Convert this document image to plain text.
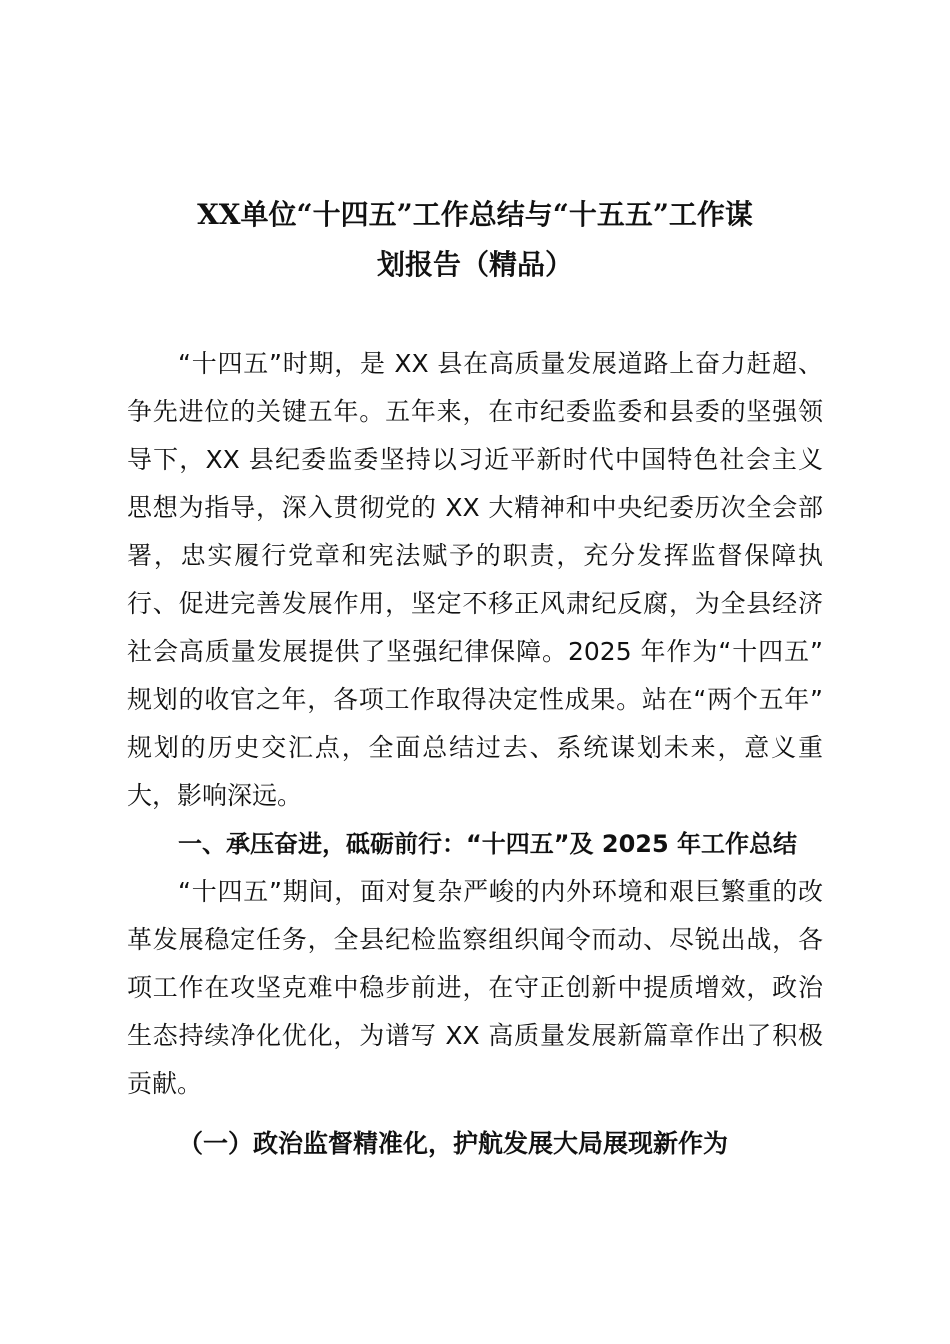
XX单位“十四五”工作总结与“十五五”工作谋
划报告（精品）

“十四五”时期，是 XX 县在高质量发展道路上奋力赶超、

争先进位的关键五年。五年来，在市纪委监委和县委的坚强领

导下，XX 县纪委监委坚持以习近平新时代中国特色社会主义

思想为指导，深入贯彻党的 XX 大精神和中央纪委历次全会部

署，忠实履行党章和宪法赋予的职责，充分发挥监督保障执

行、促进完善发展作用，坚定不移正风肃纪反腐，为全县经济

社会高质量发展提供了坚强纪律保障。2025 年作为“十四五”

规划的收官之年，各项工作取得决定性成果。站在“两个五年”

规划的历史交汇点，全面总结过去、系统谋划未来，意义重

大，影响深远。

一、承压奋进，砥砺前行：“十四五”及 2025 年工作总结

“十四五”期间，面对复杂严峻的内外环境和艰巨繁重的改

革发展稳定任务，全县纪检监察组织闻令而动、尽锐出战，各

项工作在攻坚克难中稳步前进，在守正创新中提质增效，政治

生态持续净化优化，为谱写 XX 高质量发展新篇章作出了积极

贡献。

（一）政治监督精准化，护航发展大局展现新作为
